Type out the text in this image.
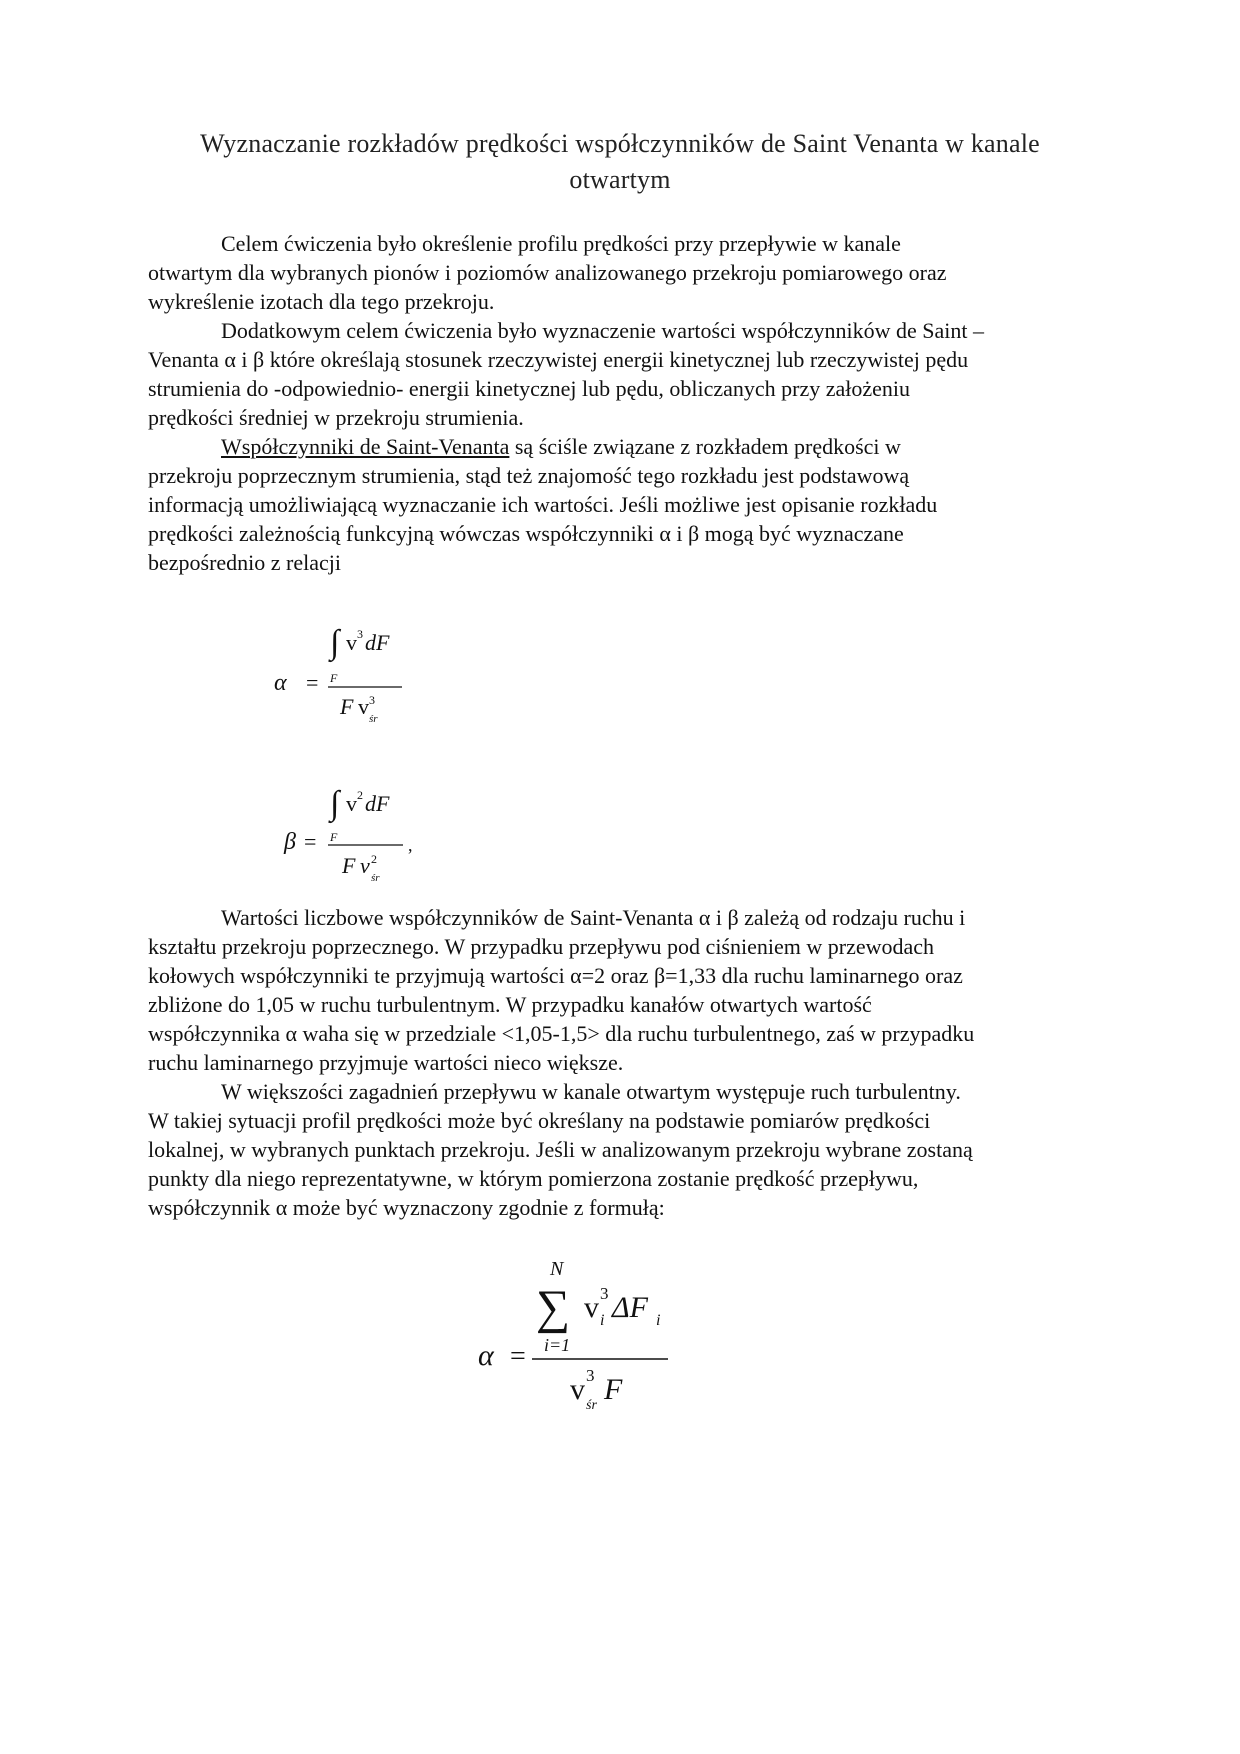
Wyznaczanie rozkładów prędkości współczynników de Saint Venanta w kanale
otwartym
Celem ćwiczenia było określenie profilu prędkości przy przepływie w kanale
otwartym dla wybranych pionów i poziomów analizowanego przekroju pomiarowego oraz
wykreślenie izotach dla tego przekroju.
Dodatkowym celem ćwiczenia było wyznaczenie wartości współczynników de Saint –
Venanta α i β które określają stosunek rzeczywistej energii kinetycznej lub rzeczywistej pędu
strumienia do -odpowiednio- energii kinetycznej lub pędu, obliczanych przy założeniu
prędkości średniej w przekroju strumienia.
Współczynniki de Saint-Venanta są ściśle związane z rozkładem prędkości w
przekroju poprzecznym strumienia, stąd też znajomość tego rozkładu jest podstawową
informacją umożliwiającą wyznaczanie ich wartości. Jeśli możliwe jest opisanie rozkładu
prędkości zależnością funkcyjną wówczas współczynniki α i β mogą być wyznaczane
bezpośrednio z relacji
α =
∫ v 3 dF
F
F v 3
śr
β =
∫ v 2 dF
F
F v 2
śr
,
Wartości liczbowe współczynników de Saint-Venanta α i β zależą od rodzaju ruchu i
kształtu przekroju poprzecznego. W przypadku przepływu pod ciśnieniem w przewodach
kołowych współczynniki te przyjmują wartości α=2 oraz β=1,33 dla ruchu laminarnego oraz
zbliżone do 1,05 w ruchu turbulentnym. W przypadku kanałów otwartych wartość
współczynnika α waha się w przedziale <1,05-1,5> dla ruchu turbulentnego, zaś w przypadku
ruchu laminarnego przyjmuje wartości nieco większe.
W większości zagadnień przepływu w kanale otwartym występuje ruch turbulentny.
W takiej sytuacji profil prędkości może być określany na podstawie pomiarów prędkości
lokalnej, w wybranych punktach przekroju. Jeśli w analizowanym przekroju wybrane zostaną
punkty dla niego reprezentatywne, w którym pomierzona zostanie prędkość przepływu,
współczynnik α może być wyznaczony zgodnie z formułą:
α =
N
∑
i=1
v 3
i ΔF i
v 3
śr F
